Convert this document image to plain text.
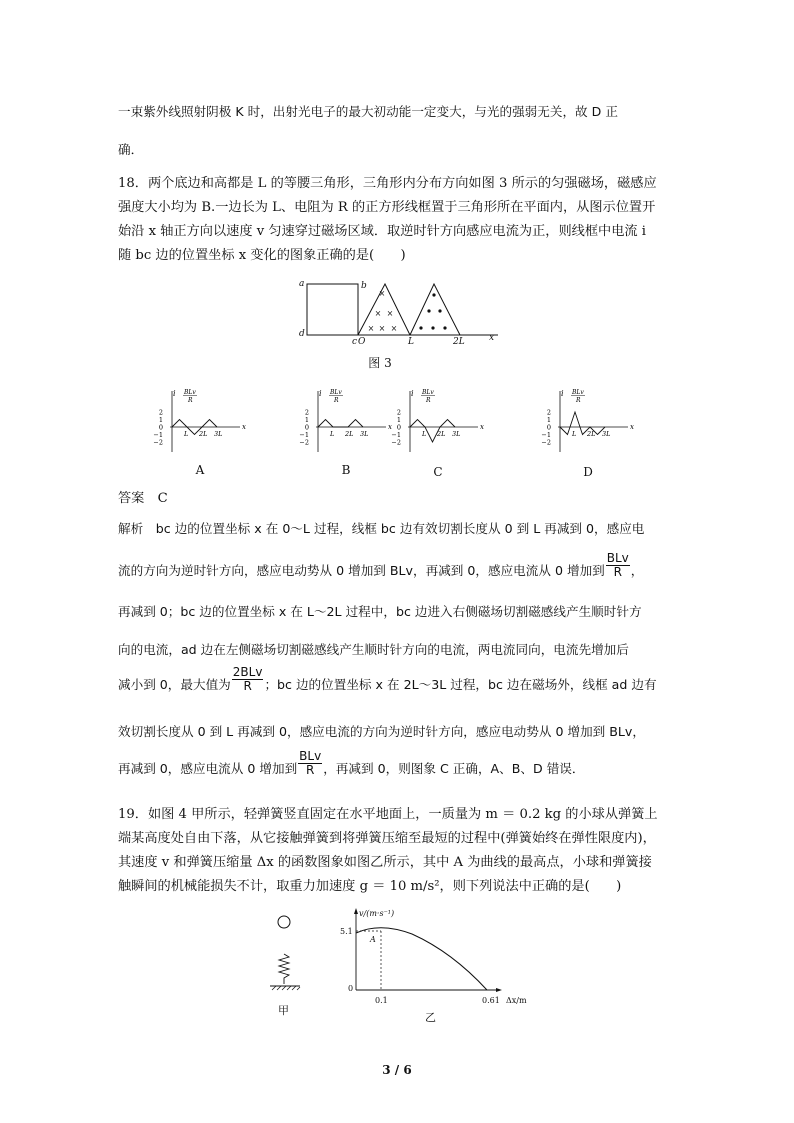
一束紫外线照射阴极 K 时，出射光电子的最大初动能一定变大，与光的强弱无关，故 D 正
确．
18．两个底边和高都是 L 的等腰三角形，三角形内分布方向如图 3 所示的匀强磁场，磁感应
强度大小均为 B.一边长为 L、电阻为 R 的正方形线框置于三角形所在平面内，从图示位置开
始沿 x 轴正方向以速度 v 匀速穿过磁场区域．取逆时针方向感应电流为正，则线框中电流 i
随 bc 边的位置坐标 x 变化的图象正确的是(　　)
×
× ×
× × ×
a	b
d
c O	L	2L	x
图 3
x
i BLv
R
2
1
0
−1
−2
L 2L 3L
x
i BLv
R
2
1
0
−1
−2
L 2L 3L
x
i BLv
R
2
1
0
−1
−2
L 2L 3L
x
i BLv
R
2
1
0
−1
−2
L 2L 3L
A	B	C	D
答案　 C
解析　 bc 边的位置坐标 x 在 0～L 过程，线框 bc 边有效切割长度从 0 到 L 再减到 0，感应电
流的方向为逆时针方向，感应电动势从 0 增加到 BLv，再减到 0，感应电流从 0 增加到 $\frac{\text{BLv}}{R}$ ，
再减到 0；bc 边的位置坐标 x 在 L～2L 过程中，bc 边进入右侧磁场切割磁感线产生顺时针方
向的电流，ad 边在左侧磁场切割磁感线产生顺时针方向的电流，两电流同向，电流先增加后
减小到 0，最大值为 $\frac{\text{2BLv}}{R}$ ；bc 边的位置坐标 x 在 2L～3L 过程，bc 边在磁场外，线框 ad 边有
效切割长度从 0 到 L 再减到 0，感应电流的方向为逆时针方向，感应电动势从 0 增加到 BLv，
再减到 0，感应电流从 0 增加到 $\frac{\text{BLv}}{R}$ ，再减到 0，则图象 C 正确，A、B、D 错误．
19．如图 4 甲所示，轻弹簧竖直固定在水平地面上，一质量为 m ＝ 0.2 kg 的小球从弹簧上
端某高度处自由下落，从它接触弹簧到将弹簧压缩至最短的过程中(弹簧始终在弹性限度内)，
其速度 v 和弹簧压缩量 Δx 的函数图象如图乙所示，其中 A 为曲线的最高点，小球和弹簧接
触瞬间的机械能损失不计，取重力加速度 g ＝ 10 m/s²，则下列说法中正确的是(　　)
甲
v/(m·s⁻¹)
5.1
A
0
0.1	0.61 Δx/m
乙
3 / 6
